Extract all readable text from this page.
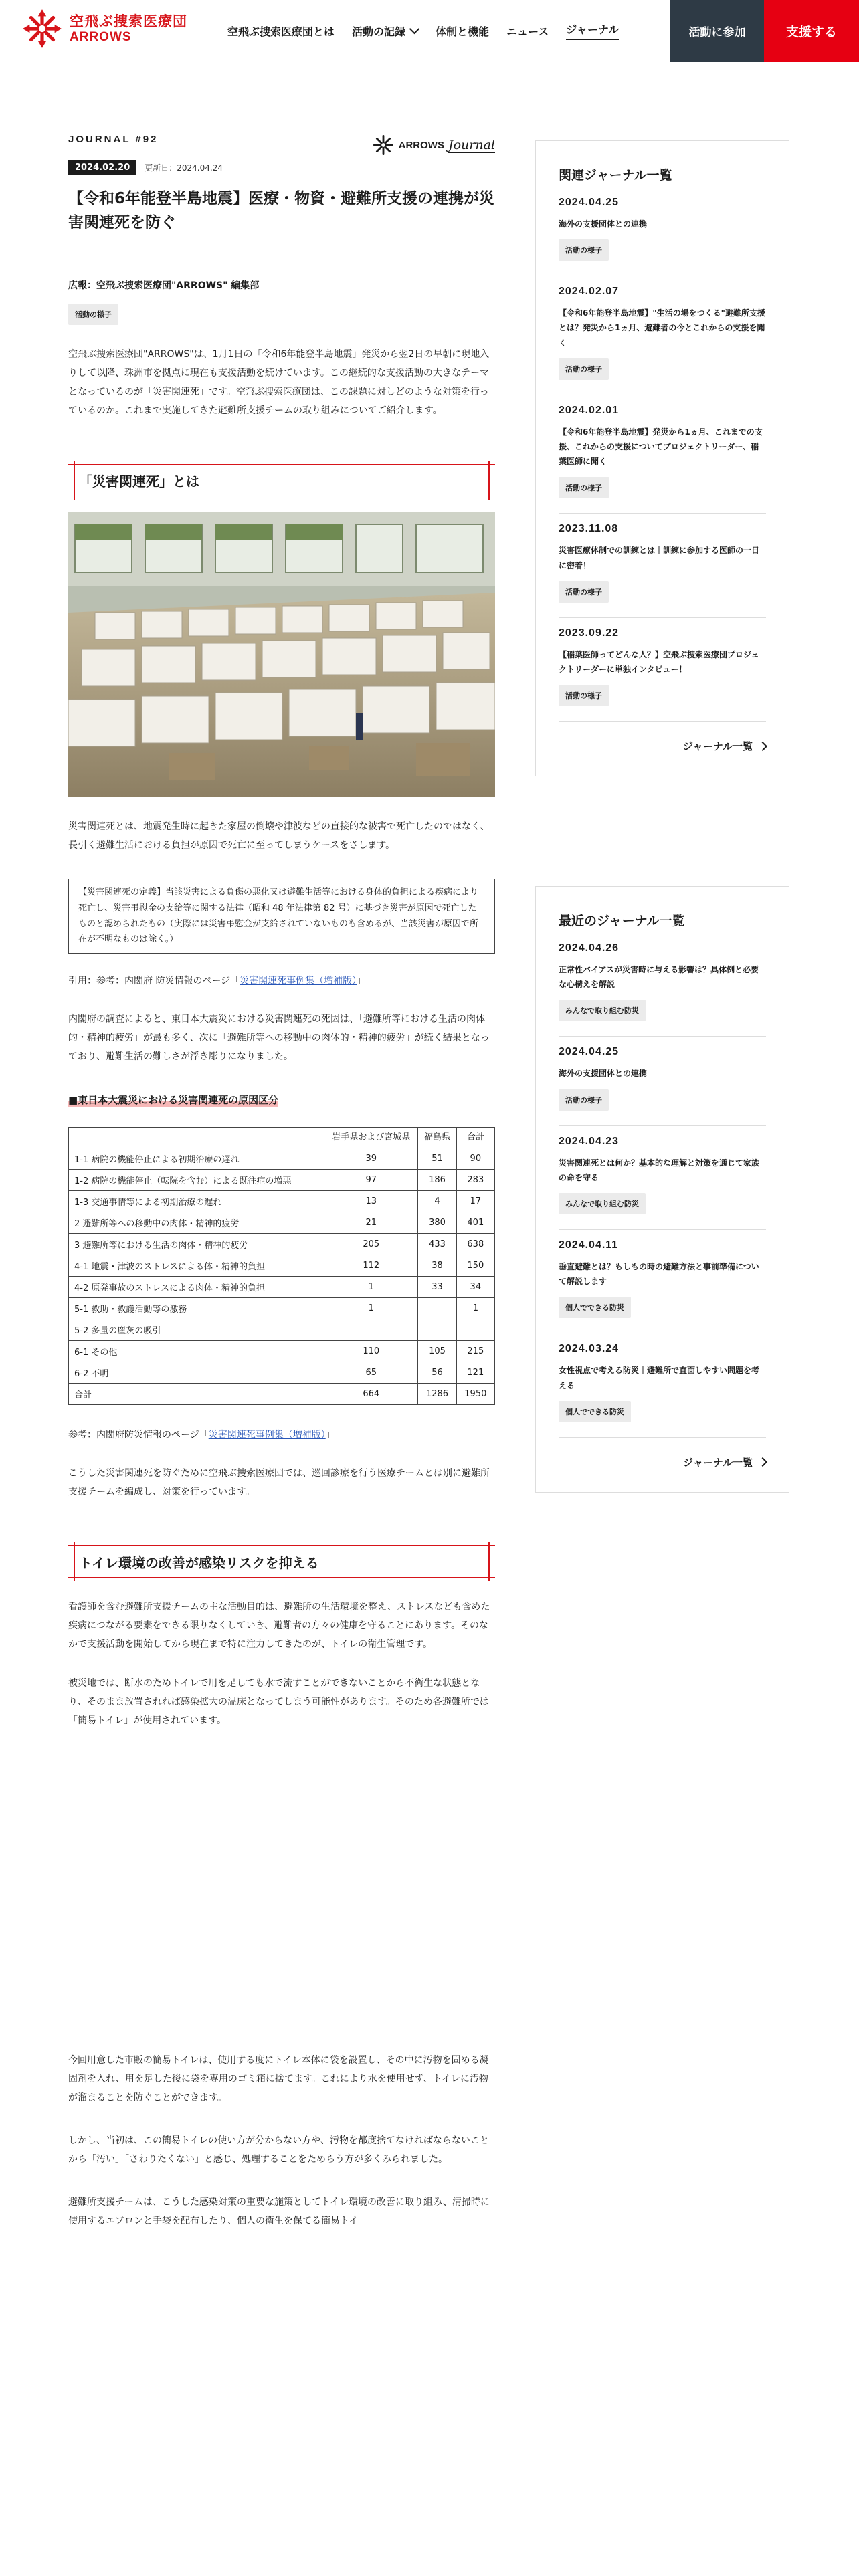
空飛ぶ捜索医療団
ARROWS	空飛ぶ捜索医療団とは 活動の記録	体制と機能 ニュース ジャーナル	活動に参加	支援する
JOURNAL #92	ARROWS Journal
2024.02.20	更新日：2024.04.24
【令和6年能登半島地震】医療・物資・避難所支援の連携が災害関連死を防ぐ
広報：空飛ぶ捜索医療団"ARROWS" 編集部
活動の様子

空飛ぶ捜索医療団"ARROWS"は、1月1日の「令和6年能登半島地震」発災から翌2日の早朝に現地入りして以降、珠洲市を拠点に現在も支援活動を続けています。この継続的な支援活動の大きなテーマとなっているのが「災害関連死」です。空飛ぶ捜索医療団は、この課題に対しどのような対策を行っているのか。これまで実施してきた避難所支援チームの取り組みについてご紹介します。

「災害関連死」とは

災害関連死とは、地震発生時に起きた家屋の倒壊や津波などの直接的な被害で死亡したのではなく、長引く避難生活における負担が原因で死亡に至ってしまうケースをさします。

【災害関連死の定義】当該災害による負傷の悪化又は避難生活等における身体的負担による疾病により死亡し、災害弔慰金の支給等に関する法律（昭和 48 年法律第 82 号）に基づき災害が原因で死亡したものと認められたもの（実際には災害弔慰金が支給されていないものも含めるが、当該災害が原因で所在が不明なものは除く。）

引用：参考：内閣府 防災情報のページ「災害関連死事例集（増補版）」

内閣府の調査によると、東日本大震災における災害関連死の死因は、「避難所等における生活の肉体的・精神的疲労」が最も多く、次に「避難所等への移動中の肉体的・精神的疲労」が続く結果となっており、避難生活の難しさが浮き彫りになりました。

■東日本大震災における災害関連死の原因区分
	岩手県および宮城県	福島県	合計
1-1 病院の機能停止による初期治療の遅れ	39	51	90
1-2 病院の機能停止（転院を含む）による既往症の増悪	97	186	283
1-3 交通事情等による初期治療の遅れ	13	4	17
2 避難所等への移動中の肉体・精神的疲労	21	380	401
3 避難所等における生活の肉体・精神的疲労	205	433	638
4-1 地震・津波のストレスによる体・精神的負担	112	38	150
4-2 原発事故のストレスによる肉体・精神的負担	1	33	34
5-1 救助・救護活動等の激務	1		1
5-2 多量の塵灰の吸引			
6-1 その他	110	105	215
6-2 不明	65	56	121
合計	664	1286	1950

参考：内閣府防災情報のページ「災害関連死事例集（増補版）」

こうした災害関連死を防ぐために空飛ぶ捜索医療団では、巡回診療を行う医療チームとは別に避難所支援チームを編成し、対策を行っています。

トイレ環境の改善が感染リスクを抑える

看護師を含む避難所支援チームの主な活動目的は、避難所の生活環境を整え、ストレスなども含めた疾病につながる要素をできる限りなくしていき、避難者の方々の健康を守ることにあります。そのなかで支援活動を開始してから現在まで特に注力してきたのが、トイレの衛生管理です。

被災地では、断水のためトイレで用を足しても水で流すことができないことから不衛生な状態となり、そのまま放置されれば感染拡大の温床となってしまう可能性があります。そのため各避難所では「簡易トイレ」が使用されています。

今回用意した市販の簡易トイレは、使用する度にトイレ本体に袋を設置し、その中に汚物を固める凝固剤を入れ、用を足した後に袋を専用のゴミ箱に捨てます。これにより水を使用せず、トイレに汚物が溜まることを防ぐことができます。

しかし、当初は、この簡易トイレの使い方が分からない方や、汚物を都度捨てなければならないことから「汚い」「さわりたくない」と感じ、処理することをためらう方が多くみられました。

避難所支援チームは、こうした感染対策の重要な施策としてトイレ環境の改善に取り組み、清掃時に使用するエプロンと手袋を配布したり、個人の衛生を保てる簡易トイ

関連ジャーナル一覧
2024.04.25
海外の支援団体との連携
活動の様子
2024.02.07
【令和6年能登半島地震】"生活の場をつくる"避難所支援とは？発災から1ヵ月、避難者の今とこれからの支援を聞く
活動の様子
2024.02.01
【令和6年能登半島地震】発災から1ヵ月、これまでの支援、これからの支援についてプロジェクトリーダー、稲葉医師に聞く
活動の様子
2023.11.08
災害医療体制での訓練とは｜訓練に参加する医師の一日に密着！
活動の様子
2023.09.22
【稲葉医師ってどんな人？】空飛ぶ捜索医療団プロジェクトリーダーに単独インタビュー！
活動の様子
ジャーナル一覧
最近のジャーナル一覧
2024.04.26
正常性バイアスが災害時に与える影響は？具体例と必要な心構えを解説
みんなで取り組む防災
2024.04.25
海外の支援団体との連携
活動の様子
2024.04.23
災害関連死とは何か？基本的な理解と対策を通じて家族の命を守る
みんなで取り組む防災
2024.04.11
垂直避難とは？もしもの時の避難方法と事前準備について解説します
個人でできる防災
2024.03.24
女性視点で考える防災｜避難所で直面しやすい問題を考える
個人でできる防災
ジャーナル一覧
